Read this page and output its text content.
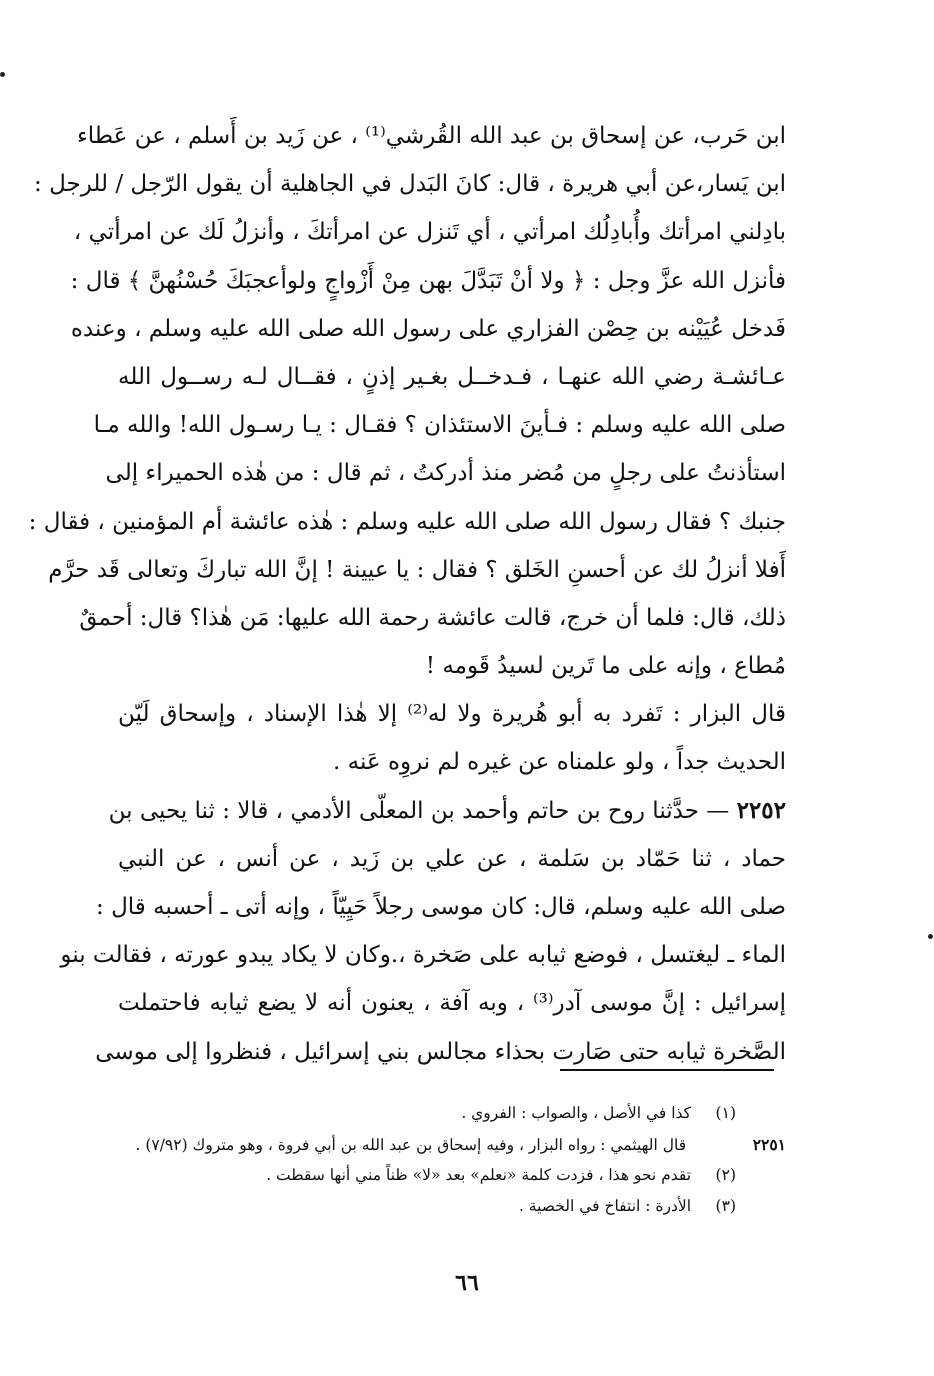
ابن حَرب، عن إسحاق بن عبد الله القُرشي⁽¹⁾ ، عن زَيد بن أَسلم ، عن عَطاء
ابن يَسار،عن أبي هريرة ، قال: كانَ البَدل في الجاهلية أن يقول الرّجل / للرجل :
بادِلني امرأتك وأُبادِلُك امرأتي ، أي تَنزل عن امرأتكَ ، وأنزلُ لَك عن امرأتي ،
فأنزل الله عزَّ وجل : ﴿ ولا أنْ تَبَدَّلَ بهن مِنْ أَزْواجٍ ولوأعجبَكَ حُسْنُهنَّ ﴾ قال :
فَدخل عُيَيْنه بن حِصْن الفزاري على رسول الله صلى الله عليه وسلم ، وعنده
عـائشـة رضي الله عنهـا ، فـدخــل بغـير إذنٍ ، فقــال لـه رســول الله
صلى الله عليه وسلم : فـأينَ الاستئذان ؟ فقـال : يـا رسـول الله! والله مـا
استأذنتُ على رجلٍ من مُضر منذ أدركتُ ، ثم قال : من هٰذه الحميراء إلى
جنبك ؟ فقال رسول الله صلى الله عليه وسلم : هٰذه عائشة أم المؤمنين ، فقال :
أَفلا أنزلُ لك عن أحسنِ الخَلق ؟ فقال : يا عيينة ! إنَّ الله تباركَ وتعالى قَد حرَّم
ذلك، قال: فلما أن خرج، قالت عائشة رحمة الله عليها: مَن هٰذا؟ قال: أحمقٌ
مُطاع ، وإنه على ما تَرين لسيدُ قَومه !
قال البزار : تَفرد به أبو هُريرة ولا له⁽²⁾ إلا هٰذا الإسناد ، وإسحاق لَيّن
الحديث جداً ، ولو علمناه عن غيره لم نروِه عَنه .
٢٢٥٢ — حدَّثنا روح بن حاتم وأحمد بن المعلّى الأدمي ، قالا : ثنا يحيى بن
حماد ، ثنا حَمّاد بن سَلمة ، عن علي بن زَيد ، عن أنس ، عن النبي
صلى الله عليه وسلم، قال: كان موسى رجلاً حَيِيّاً ، وإنه أتى ـ أحسبه قال :
الماء ـ ليغتسل ، فوضع ثيابه على صَخرة ،.وكان لا يكاد يبدو عورته ، فقالت بنو
إسرائيل : إنَّ موسى آدر⁽³⁾ ، وبه آفة ، يعنون أنه لا يضع ثيابه فاحتملت
الصَّخرة ثيابه حتى صَارت بحذاء مجالس بني إسرائيل ، فنظروا إلى موسى
(١) كذا في الأصل ، والصواب : الفروي .
٢٢٥١  قال الهيثمي : رواه البزار ، وفيه إسحاق بن عبد الله بن أبي فروة ، وهو متروك (٧/٩٢) .
(٢) تقدم نحو هذا ، فزدت كلمة «نعلم» بعد «لا» ظناً مني أنها سقطت .
(٣) الأدرة : انتفاخ في الخصية .
٦٦
